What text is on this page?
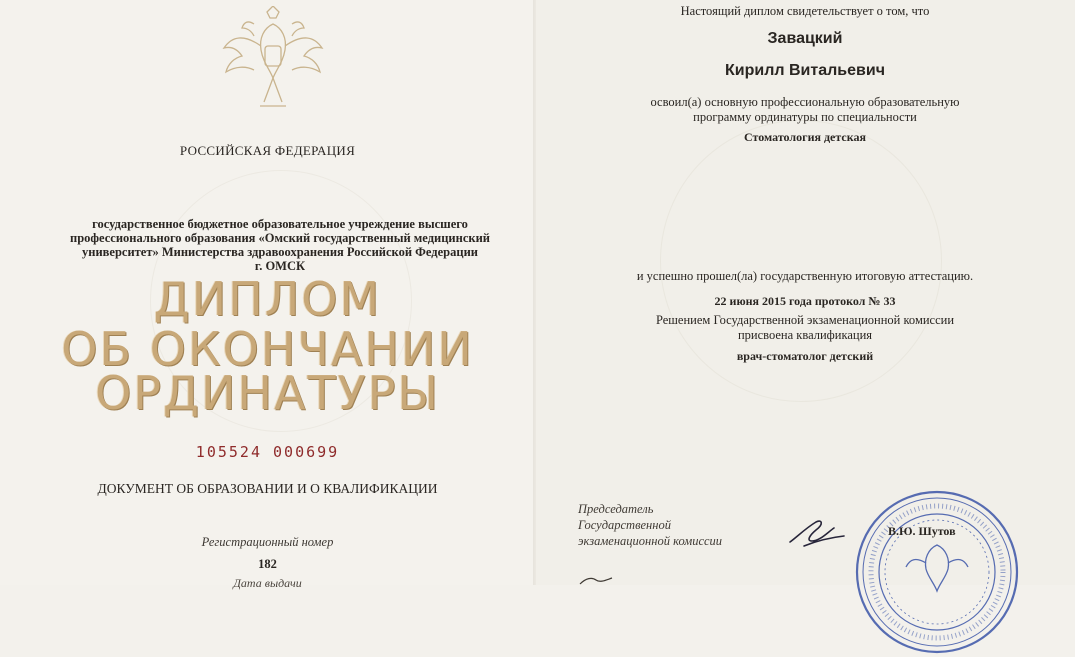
РОССИЙСКАЯ ФЕДЕРАЦИЯ
государственное бюджетное образовательное учреждение высшего
профессионального образования «Омский государственный медицинский
университет» Министерства здравоохранения Российской Федерации
г. ОМСК
ДИПЛОМ
ОБ ОКОНЧАНИИ
ОРДИНАТУРЫ
105524 000699
ДОКУМЕНТ ОБ ОБРАЗОВАНИИ И О КВАЛИФИКАЦИИ
Регистрационный номер
182
Дата выдачи
Настоящий диплом свидетельствует о том, что
Завацкий
Кирилл Витальевич
освоил(а) основную профессиональную образовательную
программу ординатуры по специальности
Стоматология детская
и успешно прошел(ла) государственную итоговую аттестацию.
22 июня 2015 года протокол № 33
Решением Государственной экзаменационной комиссии
присвоена квалификация
врач-стоматолог детский
Председатель
Государственной
экзаменационной комиссии
В.Ю. Шутов
